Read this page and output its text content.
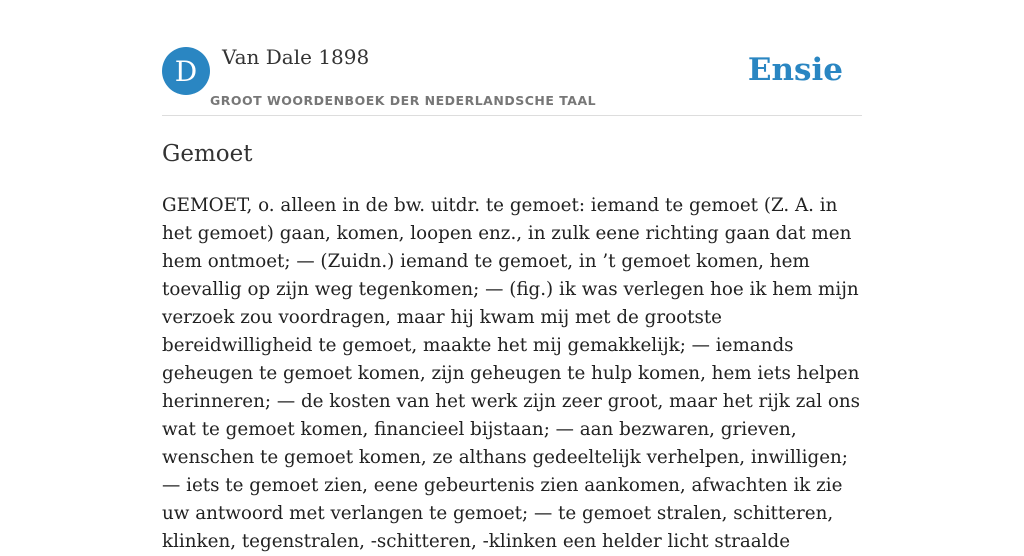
D	Van Dale 1898
GROOT WOORDENBOEK DER NEDERLANDSCHE TAAL
Ensie
Gemoet

GEMOET, o. alleen in de bw. uitdr. te gemoet: iemand te gemoet (Z. A. in het gemoet) gaan, komen, loopen enz., in zulk eene richting gaan dat men hem ontmoet; — (Zuidn.) iemand te gemoet, in ’t gemoet komen, hem toevallig op zijn weg tegenkomen; — (fig.) ik was verlegen hoe ik hem mijn verzoek zou voordragen, maar hij kwam mij met de grootste bereidwilligheid te gemoet, maakte het mij gemakkelijk; — iemands geheugen te gemoet komen, zijn geheugen te hulp komen, hem iets helpen herinneren; — de kosten van het werk zijn zeer groot, maar het rijk zal ons wat te gemoet komen, financieel bijstaan; — aan bezwaren, grieven, wenschen te gemoet komen, ze althans gedeeltelijk verhelpen, inwilligen; — iets te gemoet zien, eene gebeurtenis zien aankomen, afwachten ik zie uw antwoord met verlangen te gemoet; — te gemoet stralen, schitteren, klinken, tegenstralen, -schitteren, -klinken een helder licht straalde
